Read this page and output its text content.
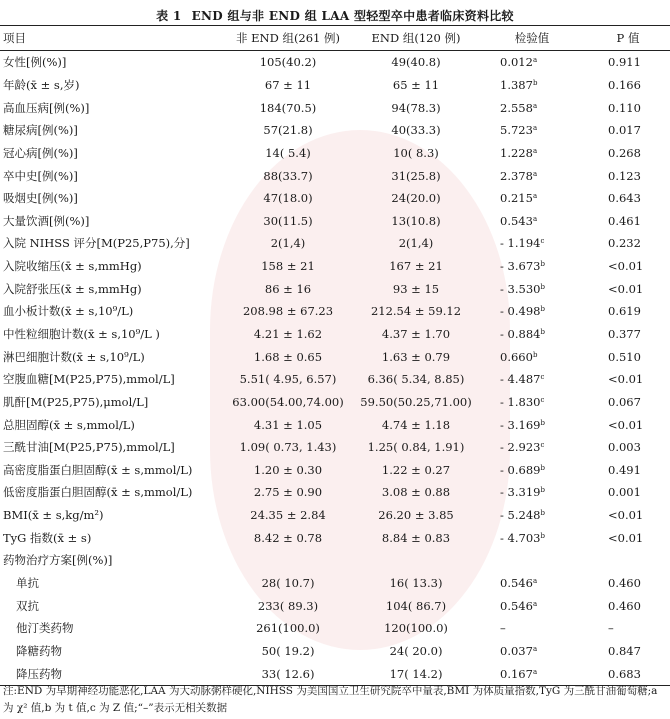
表 1 END 组与非 END 组 LAA 型轻型卒中患者临床资料比较
项目	非 END 组(261 例)	END 组(120 例)	检验值	P 值
女性[例(%)]	105(40.2)	49(40.8)	0.012$^a$	0.911
年龄(x̄ ± s,岁)	67 ± 11	65 ± 11	1.387$^b$	0.166
高血压病[例(%)]	184(70.5)	94(78.3)	2.558$^a$	0.110
糖尿病[例(%)]	57(21.8)	40(33.3)	5.723$^a$	0.017
冠心病[例(%)]	14( 5.4)	10( 8.3)	1.228$^a$	0.268
卒中史[例(%)]	88(33.7)	31(25.8)	2.378$^a$	0.123
吸烟史[例(%)]	47(18.0)	24(20.0)	0.215$^a$	0.643
大量饮酒[例(%)]	30(11.5)	13(10.8)	0.543$^a$	0.461
入院 NIHSS 评分[M(P25,P75),分]	2(1,4)	2(1,4)	- 1.194$^c$	0.232
入院收缩压(x̄ ± s,mmHg)	158 ± 21	167 ± 21	- 3.673$^b$	<0.01
入院舒张压(x̄ ± s,mmHg)	86 ± 16	93 ± 15	- 3.530$^b$	<0.01
血小板计数(x̄ ± s,10⁹/L)	208.98 ± 67.23	212.54 ± 59.12	- 0.498$^b$	0.619
中性粒细胞计数(x̄ ± s,10⁹/L )	4.21 ± 1.62	4.37 ± 1.70	- 0.884$^b$	0.377
淋巴细胞计数(x̄ ± s,10⁹/L)	1.68 ± 0.65	1.63 ± 0.79	0.660$^b$	0.510
空腹血糖[M(P25,P75),mmol/L]	5.51( 4.95, 6.57)	6.36( 5.34, 8.85)	- 4.487$^c$	<0.01
肌酐[M(P25,P75),μmol/L]	63.00(54.00,74.00)	59.50(50.25,71.00)	- 1.830$^c$	0.067
总胆固醇(x̄ ± s,mmol/L)	4.31 ± 1.05	4.74 ± 1.18	- 3.169$^b$	<0.01
三酰甘油[M(P25,P75),mmol/L]	1.09( 0.73, 1.43)	1.25( 0.84, 1.91)	- 2.923$^c$	0.003
高密度脂蛋白胆固醇(x̄ ± s,mmol/L)	1.20 ± 0.30	1.22 ± 0.27	- 0.689$^b$	0.491
低密度脂蛋白胆固醇(x̄ ± s,mmol/L)	2.75 ± 0.90	3.08 ± 0.88	- 3.319$^b$	0.001
BMI(x̄ ± s,kg/m²)	24.35 ± 2.84	26.20 ± 3.85	- 5.248$^b$	<0.01
TyG 指数(x̄ ± s)	8.42 ± 0.78	8.84 ± 0.83	- 4.703$^b$	<0.01
药物治疗方案[例(%)]				
单抗	28( 10.7)	16( 13.3)	0.546$^a$	0.460
双抗	233( 89.3)	104( 86.7)	0.546$^a$	0.460
他汀类药物	261(100.0)	120(100.0)	–	–
降糖药物	50( 19.2)	24( 20.0)	0.037$^a$	0.847
降压药物	33( 12.6)	17( 14.2)	0.167$^a$	0.683
注:END 为早期神经功能恶化,LAA 为大动脉粥样硬化,NIHSS 为美国国立卫生研究院卒中量表,BMI 为体质量指数,TyG 为三酰甘油葡萄糖;a 为 χ² 值,b 为 t 值,c 为 Z 值;“–”表示无相关数据
